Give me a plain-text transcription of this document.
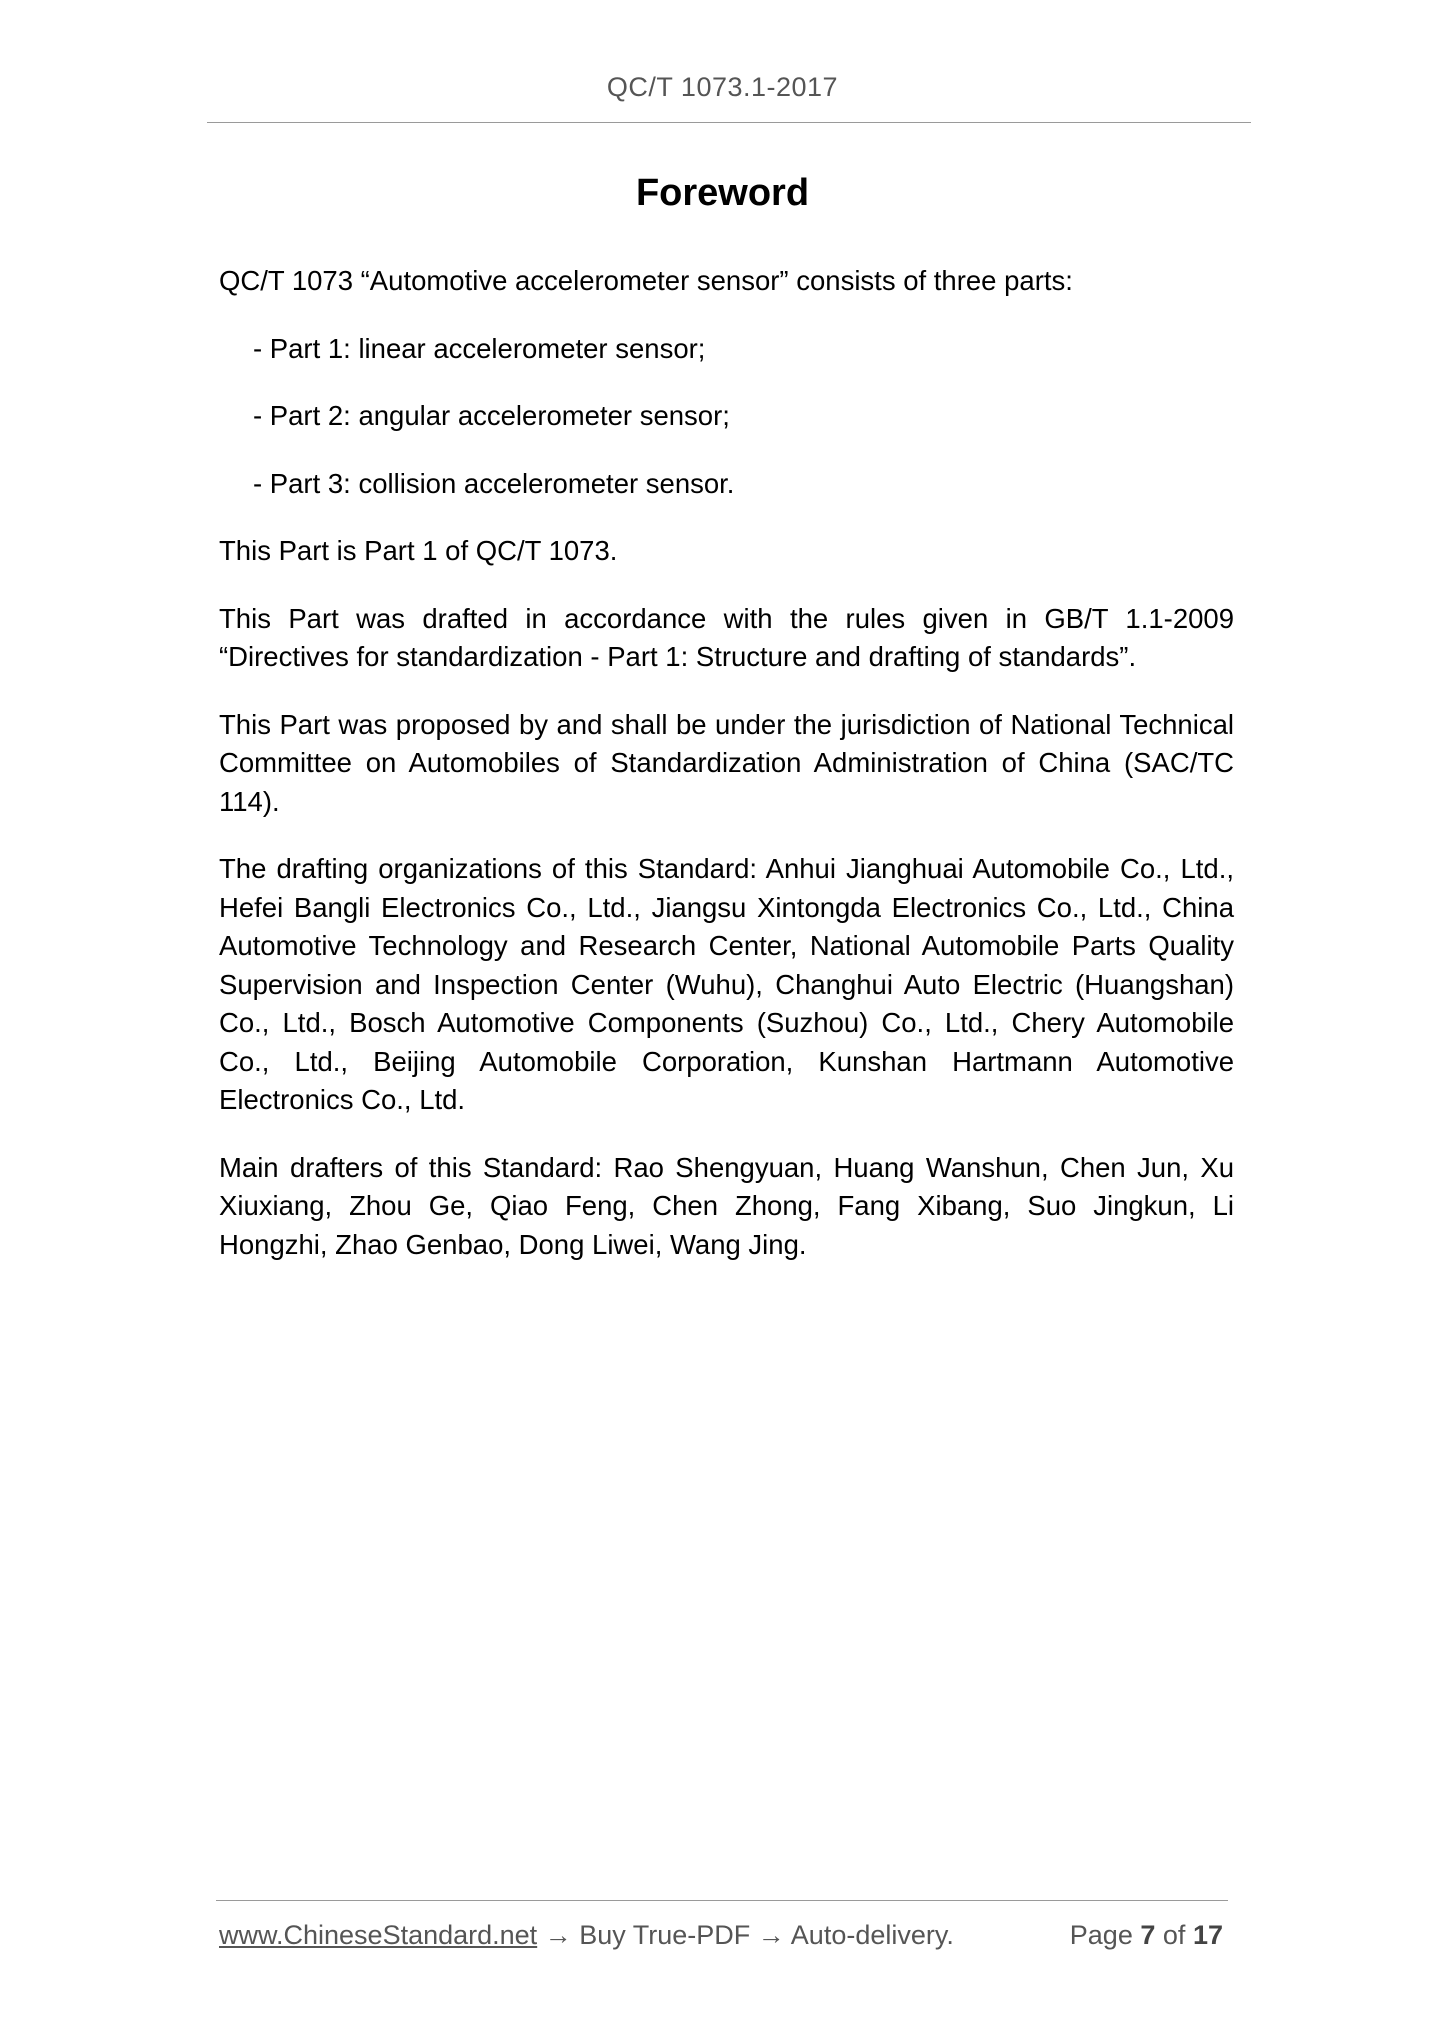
QC/T 1073.1-2017
Foreword

QC/T 1073 “Automotive accelerometer sensor” consists of three parts:

- Part 1: linear accelerometer sensor;

- Part 2: angular accelerometer sensor;

- Part 3: collision accelerometer sensor.

This Part is Part 1 of QC/T 1073.

This Part was drafted in accordance with the rules given in GB/T 1.1-2009 “Directives for standardization - Part 1: Structure and drafting of standards”.

This Part was proposed by and shall be under the jurisdiction of National Technical Committee on Automobiles of Standardization Administration of China (SAC/TC 114).

The drafting organizations of this Standard: Anhui Jianghuai Automobile Co., Ltd., Hefei Bangli Electronics Co., Ltd., Jiangsu Xintongda Electronics Co., Ltd., China Automotive Technology and Research Center, National Automobile Parts Quality Supervision and Inspection Center (Wuhu), Changhui Auto Electric (Huangshan) Co., Ltd., Bosch Automotive Components (Suzhou) Co., Ltd., Chery Automobile Co., Ltd., Beijing Automobile Corporation, Kunshan Hartmann Automotive Electronics Co., Ltd.

Main drafters of this Standard: Rao Shengyuan, Huang Wanshun, Chen Jun, Xu Xiuxiang, Zhou Ge, Qiao Feng, Chen Zhong, Fang Xibang, Suo Jingkun, Li Hongzhi, Zhao Genbao, Dong Liwei, Wang Jing.

www.ChineseStandard.net → Buy True-PDF → Auto-delivery.	Page 7 of 17
